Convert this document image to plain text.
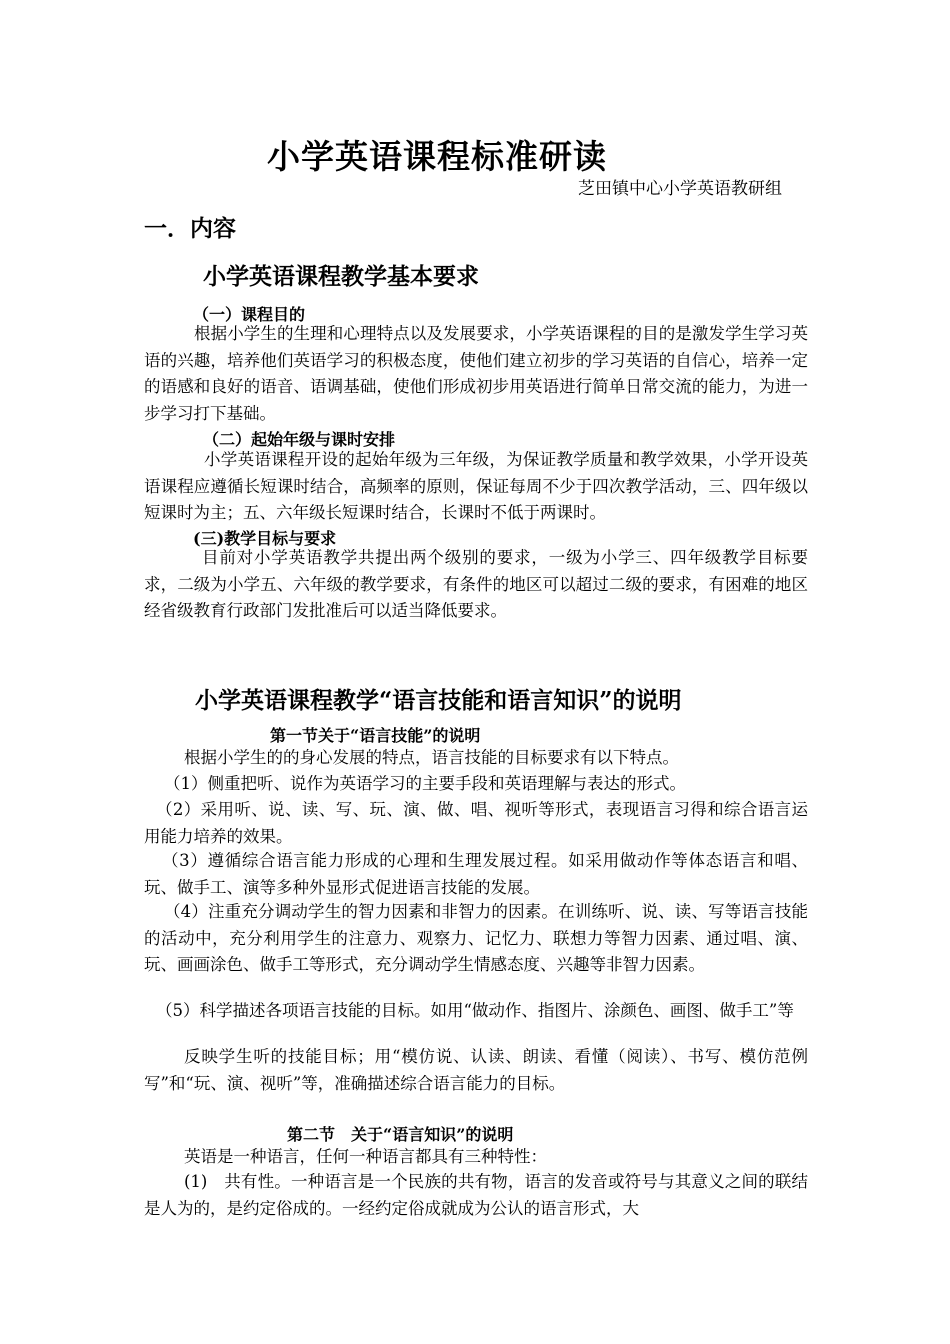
小学英语课程标准研读
芝田镇中心小学英语教研组
一．内容
小学英语课程教学基本要求
（一）课程目的
根据小学生的生理和心理特点以及发展要求，小学英语课程的目的是激发学生学习英语的兴趣，培养他们英语学习的积极态度，使他们建立初步的学习英语的自信心，培养一定的语感和良好的语音、语调基础，使他们形成初步用英语进行简单日常交流的能力，为进一步学习打下基础。
（二）起始年级与课时安排
小学英语课程开设的起始年级为三年级，为保证教学质量和教学效果，小学开设英语课程应遵循长短课时结合，高频率的原则，保证每周不少于四次教学活动，三、四年级以短课时为主；五、六年级长短课时结合，长课时不低于两课时。
(三)教学目标与要求
目前对小学英语教学共提出两个级别的要求，一级为小学三、四年级教学目标要求，二级为小学五、六年级的教学要求，有条件的地区可以超过二级的要求，有困难的地区经省级教育行政部门发批准后可以适当降低要求。
小学英语课程教学“语言技能和语言知识”的说明
第一节关于“语言技能”的说明
根据小学生的的身心发展的特点，语言技能的目标要求有以下特点。
（1）侧重把听、说作为英语学习的主要手段和英语理解与表达的形式。
（2）采用听、说、读、写、玩、演、做、唱、视听等形式，表现语言习得和综合语言运用能力培养的效果。
（3）遵循综合语言能力形成的心理和生理发展过程。如采用做动作等体态语言和唱、玩、做手工、演等多种外显形式促进语言技能的发展。
（4）注重充分调动学生的智力因素和非智力的因素。在训练听、说、读、写等语言技能的活动中，充分利用学生的注意力、观察力、记忆力、联想力等智力因素、通过唱、演、玩、画画涂色、做手工等形式，充分调动学生情感态度、兴趣等非智力因素。
（5）科学描述各项语言技能的目标。如用“做动作、指图片、涂颜色、画图、做手工”等
反映学生听的技能目标；用“模仿说、认读、朗读、看懂（阅读）、书写、模仿范例写”和“玩、演、视听”等，准确描述综合语言能力的目标。
第二节　关于“语言知识”的说明
英语是一种语言，任何一种语言都具有三种特性：
(1)　共有性。一种语言是一个民族的共有物，语言的发音或符号与其意义之间的联结是人为的，是约定俗成的。一经约定俗成就成为公认的语言形式，大
